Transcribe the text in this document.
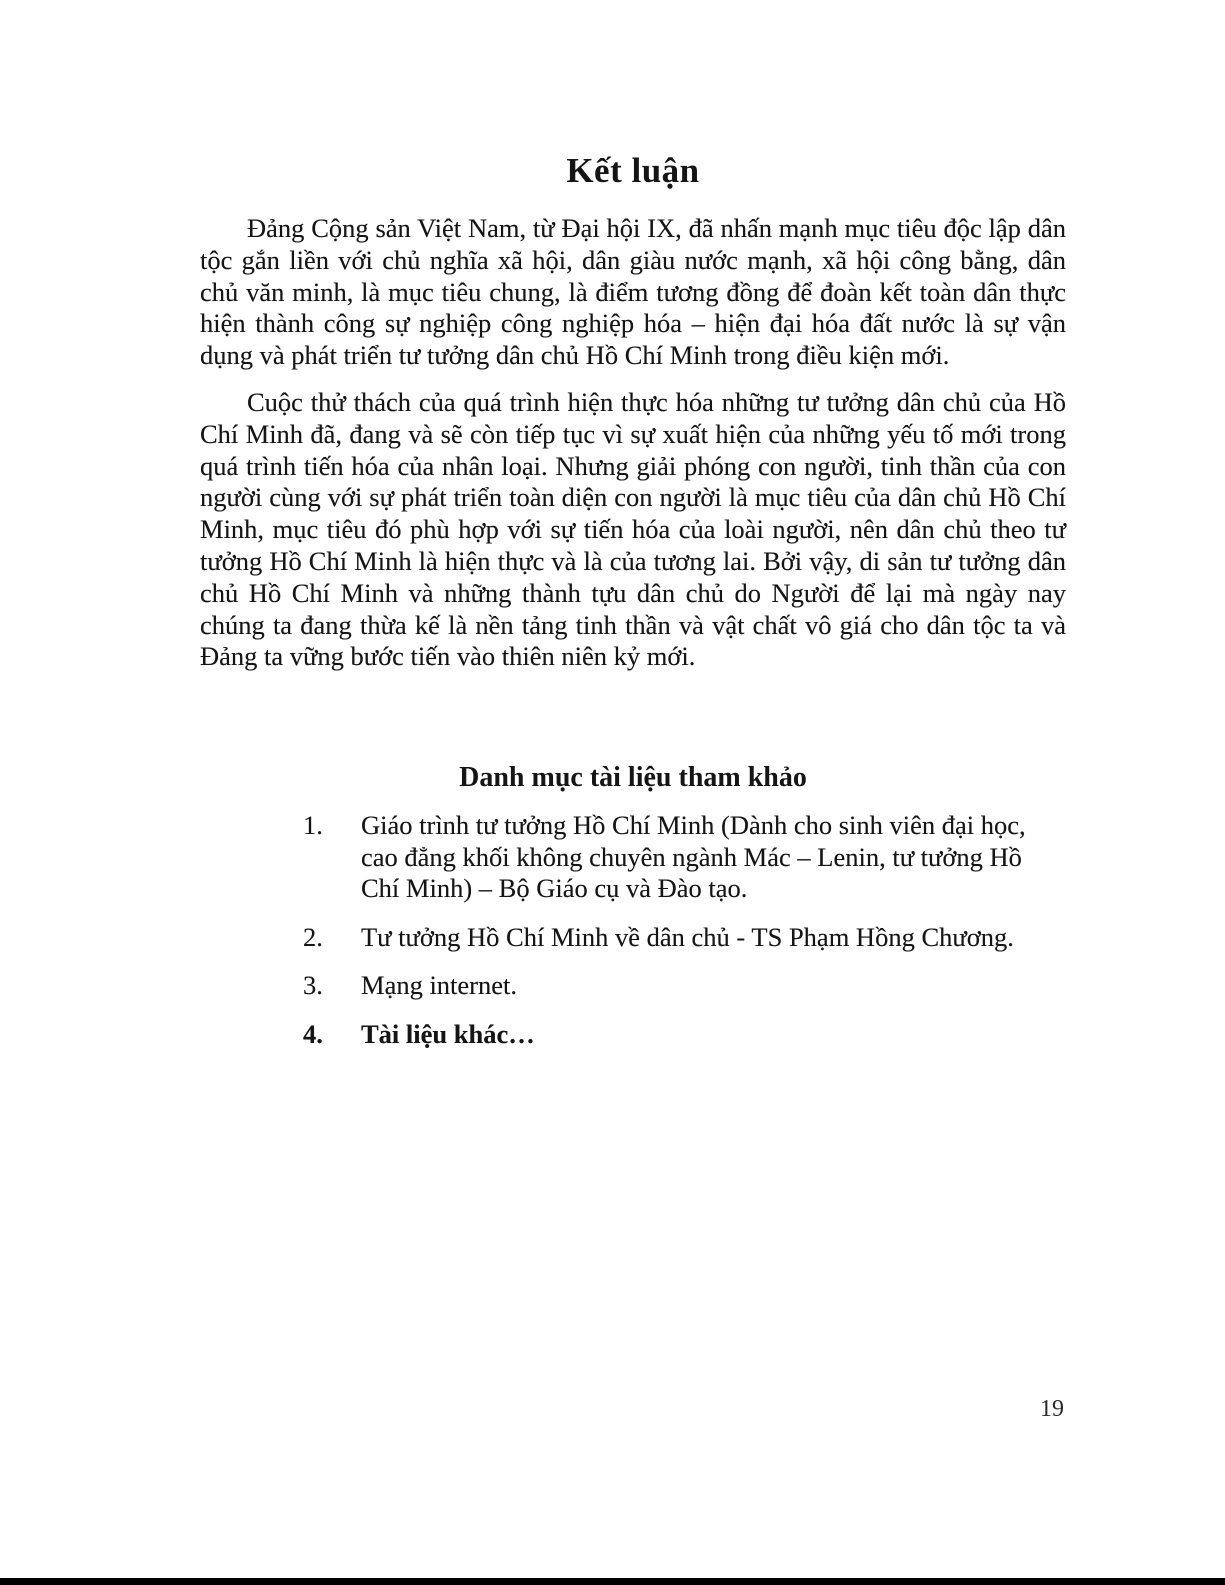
Kết luận

Đảng Cộng sản Việt Nam, từ Đại hội IX, đã nhấn mạnh mục tiêu độc lập dân tộc gắn liền với chủ nghĩa xã hội, dân giàu nước mạnh, xã hội công bằng, dân chủ văn minh, là mục tiêu chung, là điểm tương đồng để đoàn kết toàn dân thực hiện thành công sự nghiệp công nghiệp hóa – hiện đại hóa đất nước là sự vận dụng và phát triển tư tưởng dân chủ Hồ Chí Minh trong điều kiện mới.

Cuộc thử thách của quá trình hiện thực hóa những tư tưởng dân chủ của Hồ Chí Minh đã, đang và sẽ còn tiếp tục vì sự xuất hiện của những yếu tố mới trong quá trình tiến hóa của nhân loại. Nhưng giải phóng con người, tinh thần của con người cùng với sự phát triển toàn diện con người là mục tiêu của dân chủ Hồ Chí Minh, mục tiêu đó phù hợp với sự tiến hóa của loài người, nên dân chủ theo tư tưởng Hồ Chí Minh là hiện thực và là của tương lai. Bởi vậy, di sản tư tưởng dân chủ Hồ Chí Minh và những thành tựu dân chủ do Người để lại mà ngày nay chúng ta đang thừa kế là nền tảng tinh thần và vật chất vô giá cho dân tộc ta và Đảng ta vững bước tiến vào thiên niên kỷ mới.

Danh mục tài liệu tham khảo
1.	Giáo trình tư tưởng Hồ Chí Minh (Dành cho sinh viên đại học, cao đẳng khối không chuyên ngành Mác – Lenin, tư tưởng Hồ Chí Minh) – Bộ Giáo cụ và Đào tạo.
2.	Tư tưởng Hồ Chí Minh về dân chủ - TS Phạm Hồng Chương.
3.	Mạng internet.
4.	Tài liệu khác…
19
